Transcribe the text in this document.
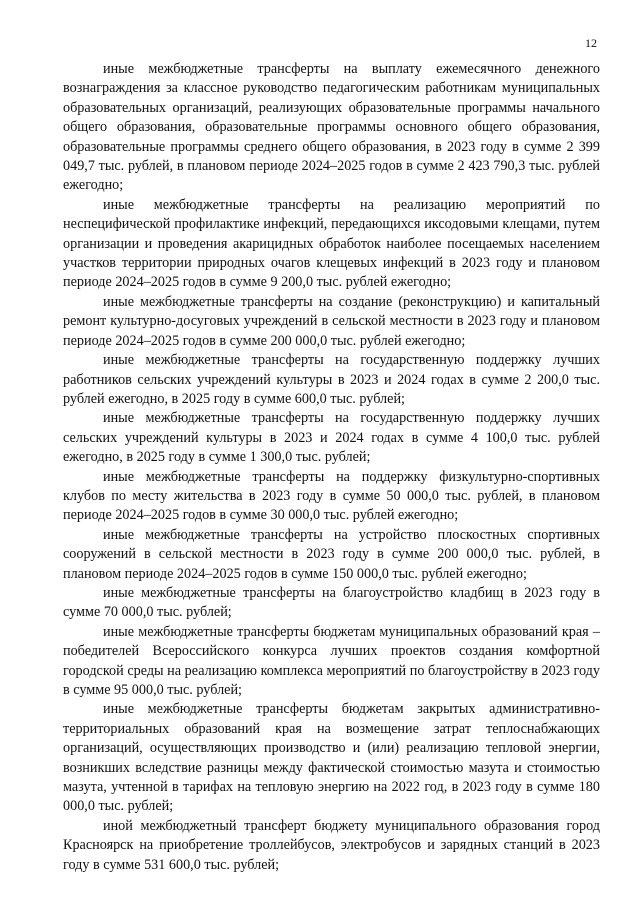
12

иные межбюджетные трансферты на выплату ежемесячного денежного вознаграждения за классное руководство педагогическим работникам муниципальных образовательных организаций, реализующих образовательные программы начального общего образования, образовательные программы основного общего образования, образовательные программы среднего общего образования, в 2023 году в сумме 2 399 049,7 тыс. рублей, в плановом периоде 2024–2025 годов в сумме 2 423 790,3 тыс. рублей ежегодно;

иные межбюджетные трансферты на реализацию мероприятий по неспецифической профилактике инфекций, передающихся иксодовыми клещами, путем организации и проведения акарицидных обработок наиболее посещаемых населением участков территории природных очагов клещевых инфекций в 2023 году и плановом периоде 2024–2025 годов в сумме 9 200,0 тыс. рублей ежегодно;

иные межбюджетные трансферты на создание (реконструкцию) и капитальный ремонт культурно-досуговых учреждений в сельской местности в 2023 году и плановом периоде 2024–2025 годов в сумме 200 000,0 тыс. рублей ежегодно;

иные межбюджетные трансферты на государственную поддержку лучших работников сельских учреждений культуры в 2023 и 2024 годах в сумме 2 200,0 тыс. рублей ежегодно, в 2025 году в сумме 600,0 тыс. рублей;

иные межбюджетные трансферты на государственную поддержку лучших сельских учреждений культуры в 2023 и 2024 годах в сумме 4 100,0 тыс. рублей ежегодно, в 2025 году в сумме 1 300,0 тыс. рублей;

иные межбюджетные трансферты на поддержку физкультурно-спортивных клубов по месту жительства в 2023 году в сумме 50 000,0 тыс. рублей, в плановом периоде 2024–2025 годов в сумме 30 000,0 тыс. рублей ежегодно;

иные межбюджетные трансферты на устройство плоскостных спортивных сооружений в сельской местности в 2023 году в сумме 200 000,0 тыс. рублей, в плановом периоде 2024–2025 годов в сумме 150 000,0 тыс. рублей ежегодно;

иные межбюджетные трансферты на благоустройство кладбищ в 2023 году в сумме 70 000,0 тыс. рублей;

иные межбюджетные трансферты бюджетам муниципальных образований края – победителей Всероссийского конкурса лучших проектов создания комфортной городской среды на реализацию комплекса мероприятий по благоустройству в 2023 году в сумме 95 000,0 тыс. рублей;

иные межбюджетные трансферты бюджетам закрытых административно-территориальных образований края на возмещение затрат теплоснабжающих организаций, осуществляющих производство и (или) реализацию тепловой энергии, возникших вследствие разницы между фактической стоимостью мазута и стоимостью мазута, учтенной в тарифах на тепловую энергию на 2022 год, в 2023 году в сумме 180 000,0 тыс. рублей;

иной межбюджетный трансферт бюджету муниципального образования город Красноярск на приобретение троллейбусов, электробусов и зарядных станций в 2023 году в сумме 531 600,0 тыс. рублей;
